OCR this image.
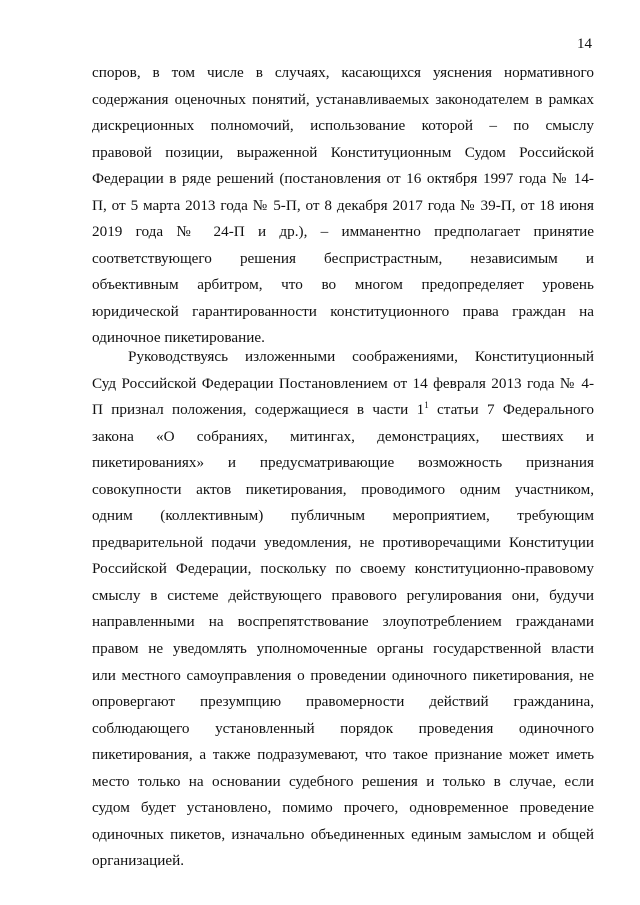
14
споров, в том числе в случаях, касающихся уяснения нормативного
содержания оценочных понятий, устанавливаемых законодателем в рамках
дискреционных полномочий, использование которой – по смыслу
правовой позиции, выраженной Конституционным Судом Российской
Федерации в ряде решений (постановления от 16 октября 1997 года № 14-
П, от 5 марта 2013 года № 5-П, от 8 декабря 2017 года № 39-П, от 18 июня
2019 года № 24-П и др.), – имманентно предполагает принятие
соответствующего решения беспристрастным, независимым и
объективным арбитром, что во многом предопределяет уровень
юридической гарантированности конституционного права граждан на
одиночное пикетирование.
Руководствуясь изложенными соображениями, Конституционный
Суд Российской Федерации Постановлением от 14 февраля 2013 года № 4-
П признал положения, содержащиеся в части $1^1$ статьи 7 Федерального
закона «О собраниях, митингах, демонстрациях, шествиях и
пикетированиях» и предусматривающие возможность признания
совокупности актов пикетирования, проводимого одним участником,
одним (коллективным) публичным мероприятием, требующим
предварительной подачи уведомления, не противоречащими Конституции
Российской Федерации, поскольку по своему конституционно-правовому
смыслу в системе действующего правового регулирования они, будучи
направленными на воспрепятствование злоупотреблением гражданами
правом не уведомлять уполномоченные органы государственной власти
или местного самоуправления о проведении одиночного пикетирования, не
опровергают презумпцию правомерности действий гражданина,
соблюдающего установленный порядок проведения одиночного
пикетирования, а также подразумевают, что такое признание может иметь
место только на основании судебного решения и только в случае, если
судом будет установлено, помимо прочего, одновременное проведение
одиночных пикетов, изначально объединенных единым замыслом и общей
организацией.
